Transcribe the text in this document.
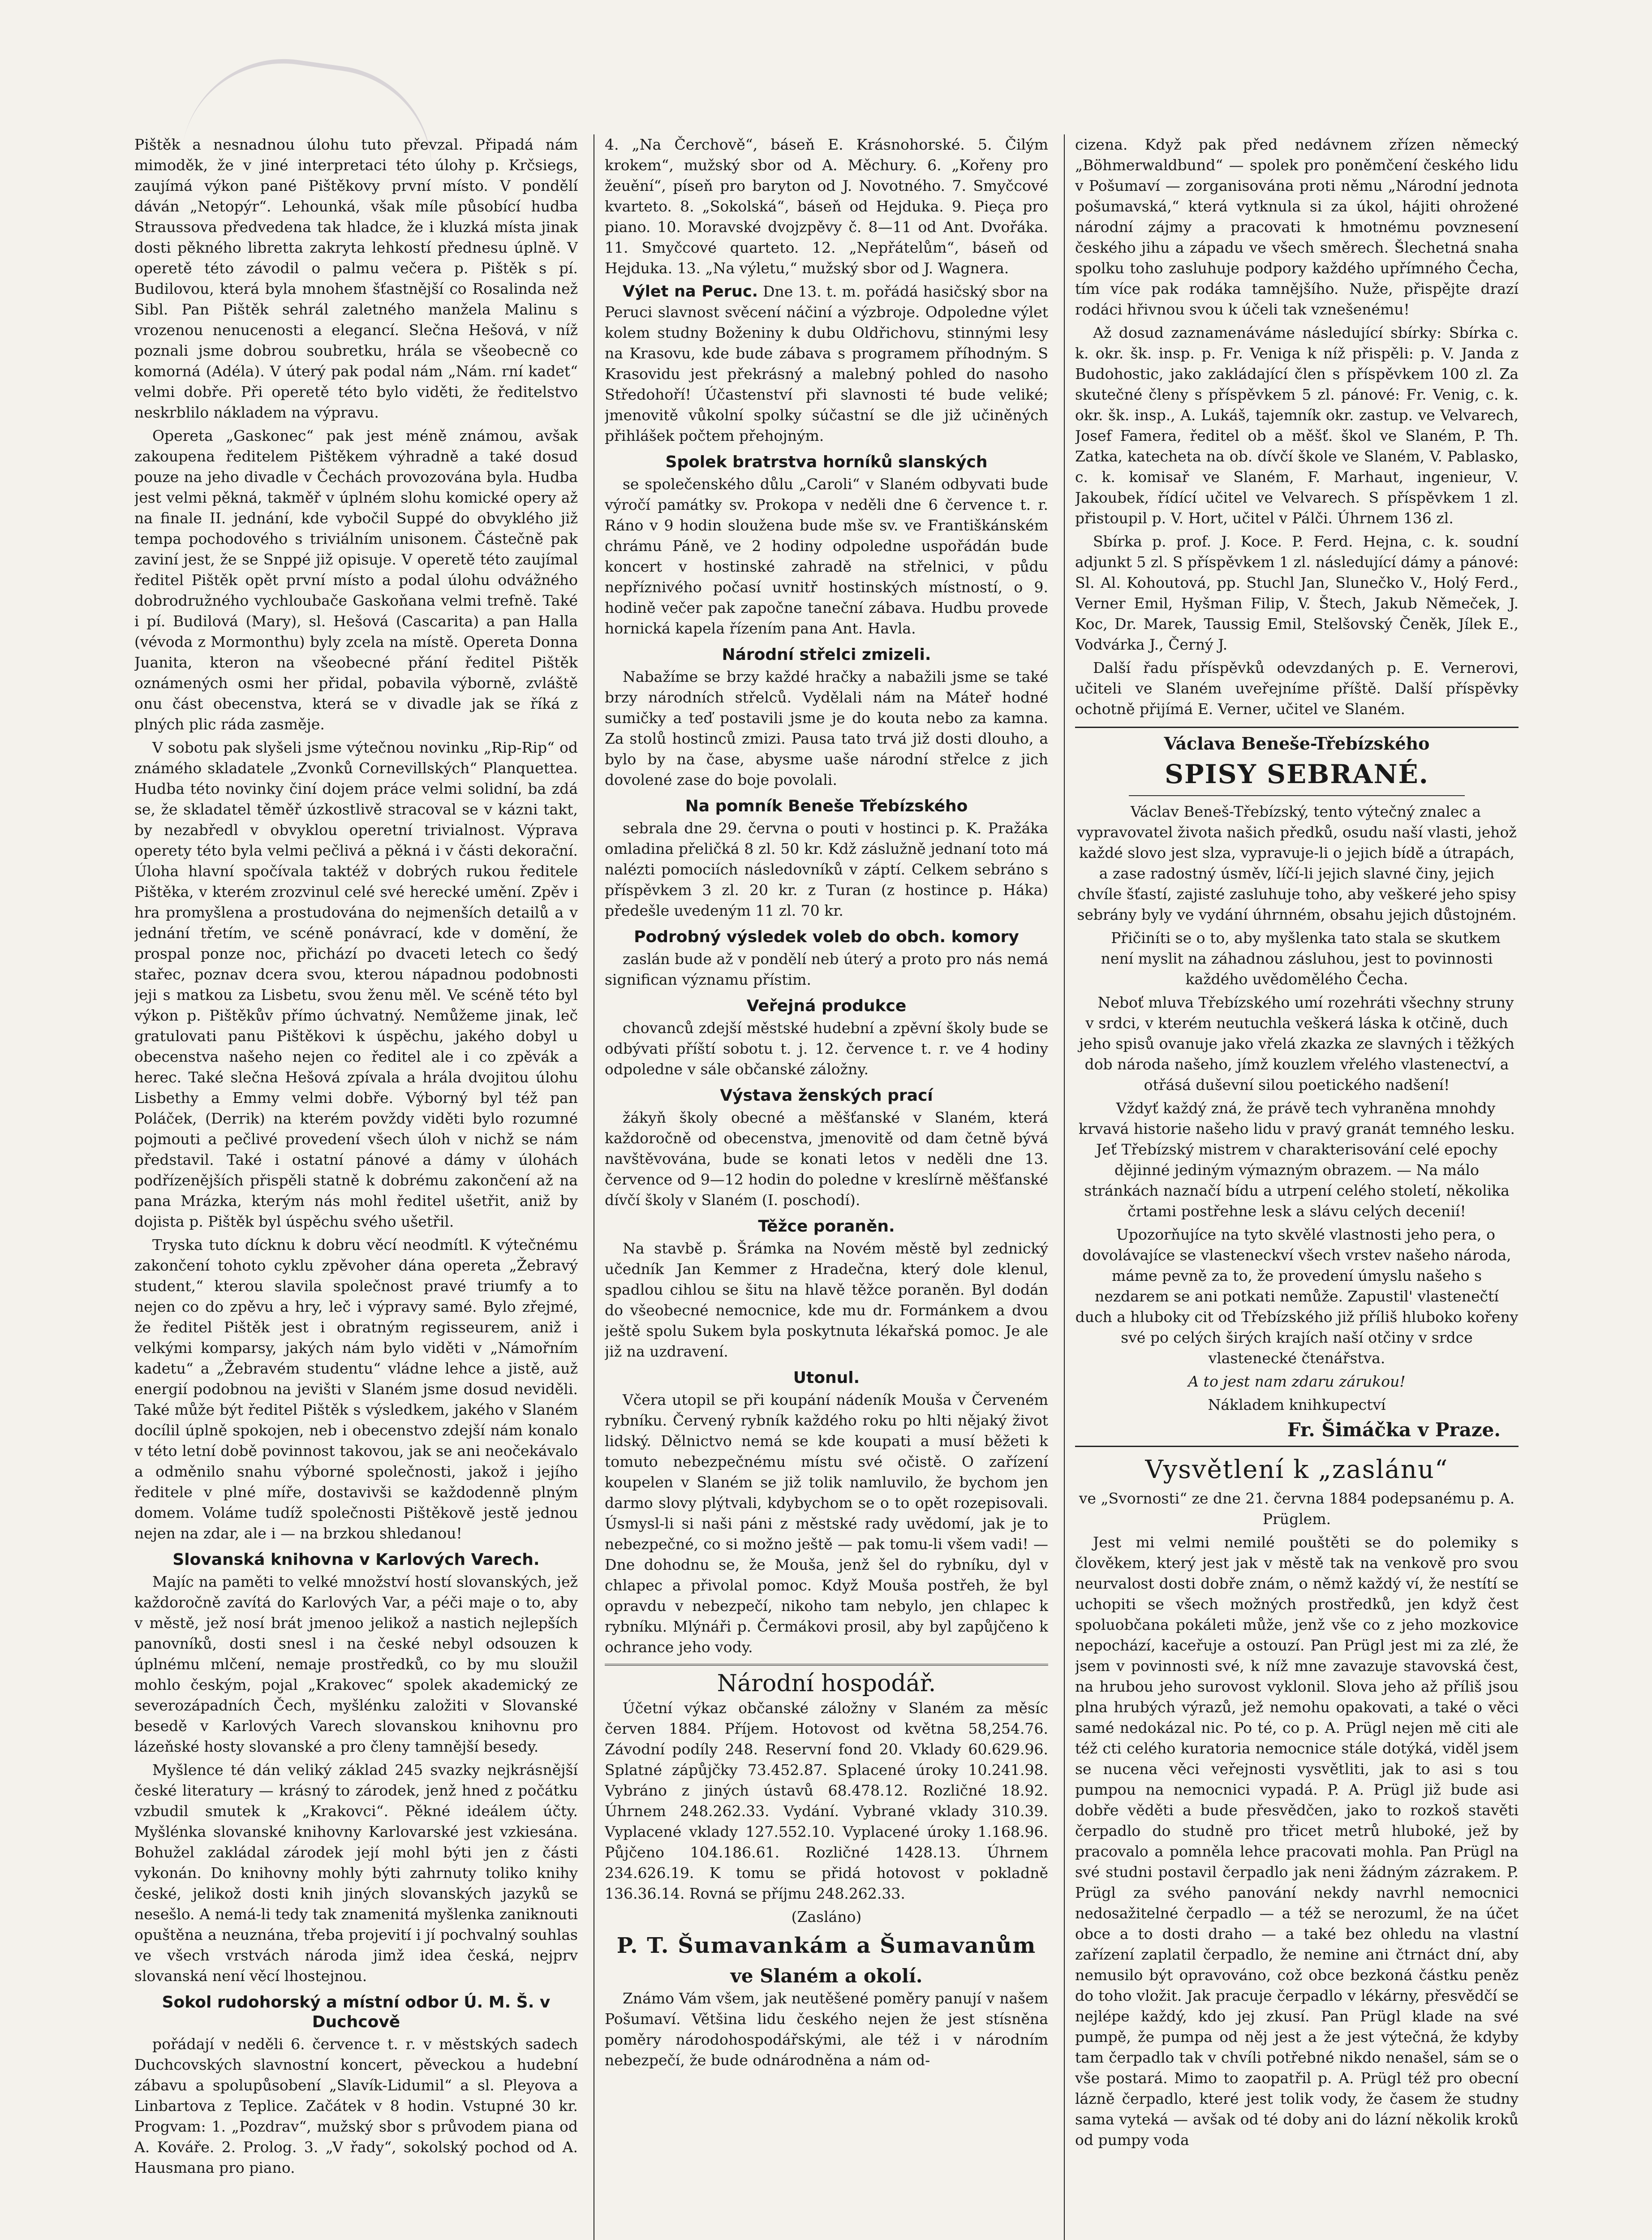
Pištěk a nesnadnou úlohu tuto převzal. Připadá nám mimoděk, že v jiné interpretaci této úlohy p. Krčsiegs, zaujímá výkon pané Pištěkovy první místo. V pondělí dáván „Netopýr“. Lehounká, však míle působící hudba Straussova předvedena tak hladce, že i kluzká místa jinak dosti pěkného libretta zakryta lehkostí přednesu úplně. V operetě této závodil o palmu večera p. Pištěk s pí. Budilovou, která byla mnohem šťastnější co Rosalinda než Sibl. Pan Pištěk sehrál zaletného manžela Malinu s vrozenou nenucenosti a elegancí. Slečna Hešová, v níž poznali jsme dobrou soubretku, hrála se všeobecně co komorná (Adéla). V úterý pak podal nám „Nám. rní kadet“ velmi dobře. Při operetě této bylo viděti, že ředitelstvo neskrblilo nákladem na výpravu.

Opereta „Gaskonec“ pak jest méně známou, avšak zakoupena ředitelem Pištěkem výhradně a také dosud pouze na jeho divadle v Čechách provozována byla. Hudba jest velmi pěkná, takměř v úplném slohu komické opery až na finale II. jednání, kde vybočil Suppé do obvyklého již tempa pochodového s triviálním unisonem. Částečně pak zaviní jest, že se Snppé již opisuje. V operetě této zaujímal ředitel Pištěk opět první místo a podal úlohu odvážného dobrodružného vychloubače Gaskoňana velmi trefně. Také i pí. Budilová (Mary), sl. Hešová (Cascarita) a pan Halla (vévoda z Mormonthu) byly zcela na místě. Opereta Donna Juanita, kteron na všeobecné přání ředitel Pištěk oznámených osmi her přidal, pobavila výborně, zvláště onu část obecenstva, která se v divadle jak se říká z plných plic ráda zasměje.

V sobotu pak slyšeli jsme výtečnou novinku „Rip-Rip“ od známého skladatele „Zvonků Cornevillských“ Planquettea. Hudba této novinky činí dojem práce velmi solidní, ba zdá se, že skladatel těměř úzkostlivě stracoval se v kázni takt, by nezabředl v obvyklou operetní trivialnost. Výprava operety této byla velmi pečlivá a pěkná i v části dekorační. Úloha hlavní spočívala taktéž v dobrých rukou ředitele Pištěka, v kterém zrozvinul celé své herecké umění. Zpěv i hra promyšlena a prostudována do nejmenších detailů a v jednání třetím, ve scéně ponávrací, kde v domění, že prospal ponze noc, přichází po dvaceti letech co šedý stařec, poznav dcera svou, kterou nápadnou podobnosti jeji s matkou za Lisbetu, svou ženu měl. Ve scéně této byl výkon p. Pištěkův přímo úchvatný. Nemůžeme jinak, leč gratulovati panu Pištěkovi k úspěchu, jakého dobyl u obecenstva našeho nejen co ředitel ale i co zpěvák a herec. Také slečna Hešová zpívala a hrála dvojitou úlohu Lisbethy a Emmy velmi dobře. Výborný byl též pan Poláček, (Derrik) na kterém povždy viděti bylo rozumné pojmouti a pečlivé provedení všech úloh v nichž se nám představil. Také i ostatní pánové a dámy v úlohách podřízenějších přispěli statně k dobrému zakončení až na pana Mrázka, kterým nás mohl ředitel ušetřit, aniž by dojista p. Pištěk byl úspěchu svého ušetřil.

Tryska tuto dícknu k dobru věcí neodmítl. K výtečnému zakončení tohoto cyklu zpěvoher dána opereta „Žebravý student,“ kterou slavila společnost pravé triumfy a to nejen co do zpěvu a hry, leč i výpravy samé. Bylo zřejmé, že ředitel Pištěk jest i obratným regisseurem, aniž i velkými komparsy, jakých nám bylo viděti v „Námořním kadetu“ a „Žebravém studentu“ vládne lehce a jistě, auž energií podobnou na jevišti v Slaném jsme dosud neviděli. Také může být ředitel Pištěk s výsledkem, jakého v Slaném docílil úplně spokojen, neb i obecenstvo zdejší nám konalo v této letní době povinnost takovou, jak se ani neočekávalo a odměnilo snahu výborné společnosti, jakož i jejího ředitele v plné míře, dostavivši se každodenně plným domem. Voláme tudíž společnosti Pištěkově jestě jednou nejen na zdar, ale i — na brzkou shledanou!

Slovanská knihovna v Karlových Varech.

Majíc na paměti to velké množství hostí slovanských, jež každoročně zavítá do Karlových Var, a péči maje o to, aby v městě, jež nosí brát jmenoo jelikož a nastich nejlepších panovníků, dosti snesl i na české nebyl odsouzen k úplnému mlčení, nemaje prostředků, co by mu sloužil mohlo českým, pojal „Krakovec“ spolek akademický ze severozápadních Čech, myšlénku založiti v Slovanské besedě v Karlových Varech slovanskou knihovnu pro lázeňské hosty slovanské a pro členy tamnější besedy.

Myšlence té dán veliký základ 245 svazky nejkrásnější české literatury — krásný to zárodek, jenž hned z počátku vzbudil smutek k „Krakovci“. Pěkné ideálem účty. Myšlénka slovanské knihovny Karlovarské jest vzkiesána. Bohužel zakládal zárodek její mohl býti jen z části vykonán. Do knihovny mohly býti zahrnuty toliko knihy české, jelikož dosti knih jiných slovanských jazyků se nesešlo. A nemá-li tedy tak znamenitá myšlenka zaniknouti opuštěna a neuznána, třeba projevití i jí pochvalný souhlas ve všech vrstvách národa jimž idea česká, nejprv slovanská není věcí lhostejnou.

Sokol rudohorský a místní odbor Ú. M. Š. v Duchcově

pořádají v neděli 6. července t. r. v městských sadech Duchcovských slavnostní koncert, pěveckou a hudební zábavu a spolupůsobení „Slavík-Lidumil“ a sl. Pleyova a Linbartova z Teplice. Začátek v 8 hodin. Vstupné 30 kr. Progvam: 1. „Pozdrav“, mužský sbor s průvodem piana od A. Kováře. 2. Prolog. 3. „V řady“, sokolský pochod od A. Hausmana pro piano.

4. „Na Čerchově“, báseň E. Krásnohorské. 5. Čilým krokem“, mužský sbor od A. Měchury. 6. „Kořeny pro žeuění“, píseň pro baryton od J. Novotného. 7. Smyčcové kvarteto. 8. „Sokolská“, báseň od Hejduka. 9. Pieça pro piano. 10. Moravské dvojzpěvy č. 8—11 od Ant. Dvořáka. 11. Smyčcové quarteto. 12. „Nepřátelům“, báseň od Hejduka. 13. „Na výletu,“ mužský sbor od J. Wagnera.

Výlet na Peruc. Dne 13. t. m. pořádá hasičský sbor na Peruci slavnost svěcení náčiní a výzbroje. Odpoledne výlet kolem studny Boženiny k dubu Oldřichovu, stinnými lesy na Krasovu, kde bude zábava s programem příhodným. S Krasovidu jest překrásný a malebný pohled do nasoho Středohoří! Účastenství při slavnosti té bude veliké; jmenovitě vůkolní spolky súčastní se dle již učiněných přihlášek počtem přehojným.

Spolek bratrstva horníků slanských

se společenského důlu „Caroli“ v Slaném odbyvati bude výročí památky sv. Prokopa v neděli dne 6 července t. r. Ráno v 9 hodin sloužena bude mše sv. ve Františkánském chrámu Páně, ve 2 hodiny odpoledne uspořádán bude koncert v hostinské zahradě na střelnici, v půdu nepříznivého počasí uvnitř hostinských místností, o 9. hodině večer pak započne taneční zábava. Hudbu provede hornická kapela řízením pana Ant. Havla.

Národní střelci zmizeli.

Nabažíme se brzy každé hračky a nabažili jsme se také brzy národních střelců. Vydělali nám na Máteř hodné sumičky a teď postavili jsme je do kouta nebo za kamna. Za stolů hostinců zmizi. Pausa tato trvá již dosti dlouho, a bylo by na čase, abysme uaše národní střelce z jich dovolené zase do boje povolali.

Na pomník Beneše Třebízského

sebrala dne 29. června o pouti v hostinci p. K. Pražáka omladina přeličká 8 zl. 50 kr. Kdž záslužně jednaní toto má nalézti pomociích následovníků v záptí. Celkem sebráno s příspěvkem 3 zl. 20 kr. z Turan (z hostince p. Háka) předešle uvedeným 11 zl. 70 kr.

Podrobný výsledek voleb do obch. komory

zaslán bude až v pondělí neb úterý a proto pro nás nemá significan významu přístim.

Veřejná produkce

chovanců zdejší městské hudební a zpěvní školy bude se odbývati příští sobotu t. j. 12. července t. r. ve 4 hodiny odpoledne v sále občanské záložny.

Výstava ženských prací

žákyň školy obecné a měšťanské v Slaném, která každoročně od obecenstva, jmenovitě od dam četně bývá navštěvována, bude se konati letos v neděli dne 13. července od 9—12 hodin do poledne v kreslírně měšťanské dívčí školy v Slaném (I. poschodí).

Těžce poraněn.

Na stavbě p. Šrámka na Novém městě byl zednický učedník Jan Kemmer z Hradečna, který dole klenul, spadlou cihlou se šitu na hlavě těžce poraněn. Byl dodán do všeobecné nemocnice, kde mu dr. Formánkem a dvou ještě spolu Sukem byla poskytnuta lékařská pomoc. Je ale již na uzdravení.

Utonul.

Včera utopil se při koupání nádeník Mouša v Červeném rybníku. Červený rybník každého roku po hlti nějaký život lidský. Dělnictvo nemá se kde koupati a musí běžeti k tomuto nebezpečnému místu své očistě. O zařízení koupelen v Slaném se již tolik namluvilo, že bychom jen darmo slovy plýtvali, kdybychom se o to opět rozepisovali. Úsmysl-li si naši páni z městské rady uvědomí, jak je to nebezpečné, co si možno ještě — pak tomu-li všem vadi! — Dne dohodnu se, že Mouša, jenž šel do rybníku, dyl v chlapec a přivolal pomoc. Když Mouša postřeh, že byl opravdu v nebezpečí, nikoho tam nebylo, jen chlapec k rybníku. Mlýnáři p. Čermákovi prosil, aby byl zapůjčeno k ochrance jeho vody.

Národní hospodář.

Účetní výkaz občanské záložny v Slaném za měsíc červen 1884. Příjem. Hotovost od května 58,254.76. Závodní podíly 248. Reservní fond 20. Vklady 60.629.96. Splatné zápůjčky 73.452.87. Splacené úroky 10.241.98. Vybráno z jiných ústavů 68.478.12. Rozličné 18.92. Úhrnem 248.262.33. Vydání. Vybrané vklady 310.39. Vyplacené vklady 127.552.10. Vyplacené úroky 1.168.96. Půjčeno 104.186.61. Rozličné 1428.13. Úhrnem 234.626.19. K tomu se přidá hotovost v pokladně 136.36.14. Rovná se příjmu 248.262.33.

(Zasláno)

P. T. Šumavankám a Šumavanům
ve Slaném a okolí.

Známo Vám všem, jak neutěšené poměry panují v našem Pošumaví. Většina lidu českého nejen že jest stísněna poměry národohospodářskými, ale též i v národním nebezpečí, že bude odnárodněna a nám od-

cizena. Když pak před nedávnem zřízen německý „Böhmerwaldbund“ — spolek pro poněmčení českého lidu v Pošumaví — zorganisována proti němu „Národní jednota pošumavská,“ která vytknula si za úkol, hájiti ohrožené národní zájmy a pracovati k hmotnému povznesení českého jihu a západu ve všech směrech. Šlechetná snaha spolku toho zasluhuje podpory každého upřímného Čecha, tím více pak rodáka tamnějšího. Nuže, přispějte drazí rodáci hřivnou svou k účeli tak vznešenému!

Až dosud zaznamenáváme následující sbírky: Sbírka c. k. okr. šk. insp. p. Fr. Veniga k níž přispěli: p. V. Janda z Budohostic, jako zakládající člen s příspěvkem 100 zl. Za skutečné členy s příspěvkem 5 zl. pánové: Fr. Venig, c. k. okr. šk. insp., A. Lukáš, tajemník okr. zastup. ve Velvarech, Josef Famera, ředitel ob a měšť. škol ve Slaném, P. Th. Zatka, katecheta na ob. dívčí škole ve Slaném, V. Pablasko, c. k. komisař ve Slaném, F. Marhaut, ingenieur, V. Jakoubek, řídící učitel ve Velvarech. S příspěvkem 1 zl. přistoupil p. V. Hort, učitel v Pálči. Úhrnem 136 zl.

Sbírka p. prof. J. Koce. P. Ferd. Hejna, c. k. soudní adjunkt 5 zl. S příspěvkem 1 zl. následující dámy a pánové: Sl. Al. Kohoutová, pp. Stuchl Jan, Slunečko V., Holý Ferd., Verner Emil, Hyšman Filip, V. Štech, Jakub Němeček, J. Koc, Dr. Marek, Taussig Emil, Stelšovský Čeněk, Jílek E., Vodvárka J., Černý J.

Další řadu příspěvků odevzdaných p. E. Vernerovi, učiteli ve Slaném uveřejníme příště. Další příspěvky ochotně přijímá E. Verner, učitel ve Slaném.

Václava Beneše-Třebízského
SPISY SEBRANÉ.

Václav Beneš-Třebízský, tento výtečný znalec a vypravovatel života našich předků, osudu naší vlasti, jehož každé slovo jest slza, vypravuje-li o jejich bídě a útrapách, a zase radostný úsměv, líčí-li jejich slavné činy, jejich chvíle šťastí, zajisté zasluhuje toho, aby veškeré jeho spisy sebrány byly ve vydání úhrnném, obsahu jejich důstojném.

Přičiníti se o to, aby myšlenka tato stala se skutkem není myslit na záhadnou zásluhou, jest to povinnosti každého uvědomělého Čecha.

Neboť mluva Třebízského umí rozehráti všechny struny v srdci, v kterém neutuchla veškerá láska k otčině, duch jeho spisů ovanuje jako vřelá zkazka ze slavných i těžkých dob národa našeho, jímž kouzlem vřelého vlastenectví, a otřásá duševní silou poetického nadšení!

Vždyť každý zná, že právě tech vyhraněna mnohdy krvavá historie našeho lidu v pravý granát temného lesku. Jeť Třebízský mistrem v charakterisování celé epochy dějinné jediným výmazným obrazem. — Na málo stránkách naznačí bídu a utrpení celého století, několika črtami postřehne lesk a slávu celých decenií!

Upozorňujíce na tyto skvělé vlastnosti jeho pera, o dovolávajíce se vlasteneckví všech vrstev našeho národa, máme pevně za to, že provedení úmyslu našeho s nezdarem se ani potkati nemůže. Zapustil' vlastenečtí duch a hluboky cit od Třebízského již příliš hluboko kořeny své po celých širých krajích naší otčiny v srdce vlastenecké čtenářstva.

A to jest nam zdaru zárukou!

Nákladem knihkupectví

Fr. Šimáčka v Praze.
Vysvětlení k „zaslánu“

ve „Svornosti“ ze dne 21. června 1884 podepsanému p. A. Prüglem.

Jest mi velmi nemilé pouštěti se do polemiky s člověkem, který jest jak v městě tak na venkově pro svou neurvalost dosti dobře znám, o němž každý ví, že nestítí se uchopiti se všech možných prostředků, jen když čest spoluobčana pokáleti může, jenž vše co z jeho mozkovice nepochází, kaceřuje a ostouzí. Pan Prügl jest mi za zlé, že jsem v povinnosti své, k níž mne zavazuje stavovská čest, na hrubou jeho surovost vyklonil. Slova jeho až příliš jsou plna hrubých výrazů, jež nemohu opakovati, a také o věci samé nedokázal nic. Po té, co p. A. Prügl nejen mě citi ale též cti celého kuratoria nemocnice stále dotýká, viděl jsem se nucena věci veřejnosti vysvětliti, jak to asi s tou pumpou na nemocnici vypadá. P. A. Prügl již bude asi dobře věděti a bude přesvědčen, jako to rozkoš stavěti čerpadlo do studně pro třicet metrů hluboké, jež by pracovalo a pomněla lehce pracovati mohla. Pan Prügl na své studni postavil čerpadlo jak neni žádným zázrakem. P. Prügl za svého panování nekdy navrhl nemocnici nedosažitelné čerpadlo — a též se nerozuml, že na účet obce a to dosti draho — a také bez ohledu na vlastní zařízení zaplatil čerpadlo, že nemine ani čtrnáct dní, aby nemusilo být opravováno, což obce bezkoná částku peněz do toho vložit. Jak pracuje čerpadlo v lékárny, přesvědčí se nejlépe každý, kdo jej zkusí. Pan Prügl klade na své pumpě, že pumpa od něj jest a že jest výtečná, že kdyby tam čerpadlo tak v chvíli potřebné nikdo nenašel, sám se o vše postará. Mimo to zaopatřil p. A. Prügl též pro obecní lázně čerpadlo, které jest tolik vody, že časem že studny sama vyteká — avšak od té doby ani do lázní několik kroků od pumpy voda
